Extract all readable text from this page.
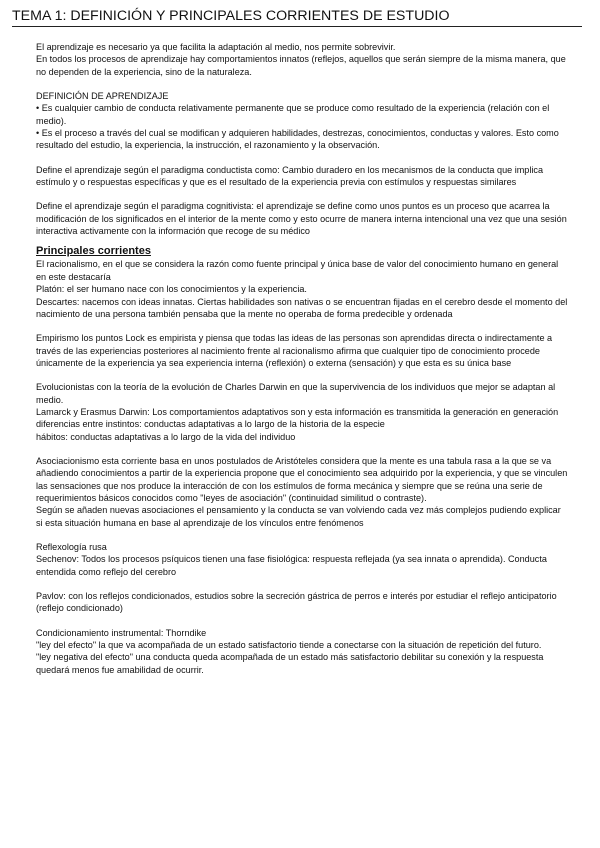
TEMA 1: DEFINICIÓN Y PRINCIPALES CORRIENTES DE ESTUDIO

El aprendizaje es necesario ya que facilita la adaptación al medio, nos permite sobrevivir.

En todos los procesos de aprendizaje hay comportamientos innatos (reflejos, aquellos que serán siempre de la misma manera, que no dependen de la experiencia, sino de la naturaleza.

DEFINICIÓN DE APRENDIZAJE

• Es cualquier cambio de conducta relativamente permanente que se produce como resultado de la experiencia (relación con el medio).

• Es el proceso a través del cual se modifican y adquieren habilidades, destrezas, conocimientos, conductas y valores. Esto como resultado del estudio, la experiencia, la instrucción, el razonamiento y la observación.

Define el aprendizaje según el paradigma conductista como: Cambio duradero en los mecanismos de la conducta que implica estímulo y o respuestas específicas y que es el resultado de la experiencia previa con estímulos y respuestas similares

Define el aprendizaje según el paradigma cognitivista: el aprendizaje se define como unos puntos es un proceso que acarrea la modificación de los significados en el interior de la mente como y esto ocurre de manera interna intencional una vez que una sesión interactiva activamente con la información que recoge de su médico

Principales corrientes

El racionalismo, en el que se considera la razón como fuente principal y única base de valor del conocimiento humano en general en este destacaría

Platón: el ser humano nace con los conocimientos y la experiencia.

Descartes: nacemos con ideas innatas. Ciertas habilidades son nativas o se encuentran fijadas en el cerebro desde el momento del nacimiento de una persona también pensaba que la mente no operaba de forma predecible y ordenada

Empirismo los puntos Lock es empirista y piensa que todas las ideas de las personas son aprendidas directa o indirectamente a través de las experiencias posteriores al nacimiento frente al racionalismo afirma que cualquier tipo de conocimiento procede únicamente de la experiencia ya sea experiencia interna (reflexión) o externa (sensación) y que esta es su única base

Evolucionistas con la teoría de la evolución de Charles Darwin en que la supervivencia de los individuos que mejor se adaptan al medio.

Lamarck y Erasmus Darwin: Los comportamientos adaptativos son y esta información es transmitida la generación en generación diferencias entre instintos: conductas adaptativas a lo largo de la historia de la especie

hábitos: conductas adaptativas a lo largo de la vida del individuo

Asociacionismo esta corriente basa en unos postulados de Aristóteles considera que la mente es una tabula rasa a la que se va añadiendo conocimientos a partir de la experiencia propone que el conocimiento sea adquirido por la experiencia, y que se vinculen las sensaciones que nos produce la interacción de con los estímulos de forma mecánica y siempre que se reúna una serie de requerimientos básicos conocidos como "leyes de asociación" (continuidad similitud o contraste).

Según se añaden nuevas asociaciones el pensamiento y la conducta se van volviendo cada vez más complejos pudiendo explicar si esta situación humana en base al aprendizaje de los vínculos entre fenómenos

Reflexología rusa

Sechenov: Todos los procesos psíquicos tienen una fase fisiológica: respuesta reflejada (ya sea innata o aprendida). Conducta entendida como reflejo del cerebro

Pavlov: con los reflejos condicionados, estudios sobre la secreción gástrica de perros e interés por estudiar el reflejo anticipatorio (reflejo condicionado)

Condicionamiento instrumental: Thorndike

"ley del efecto" la que va acompañada de un estado satisfactorio tiende a conectarse con la situación de repetición del futuro.

"ley negativa del efecto" una conducta queda acompañada de un estado más satisfactorio debilitar su conexión y la respuesta quedará menos fue amabilidad de ocurrir.
